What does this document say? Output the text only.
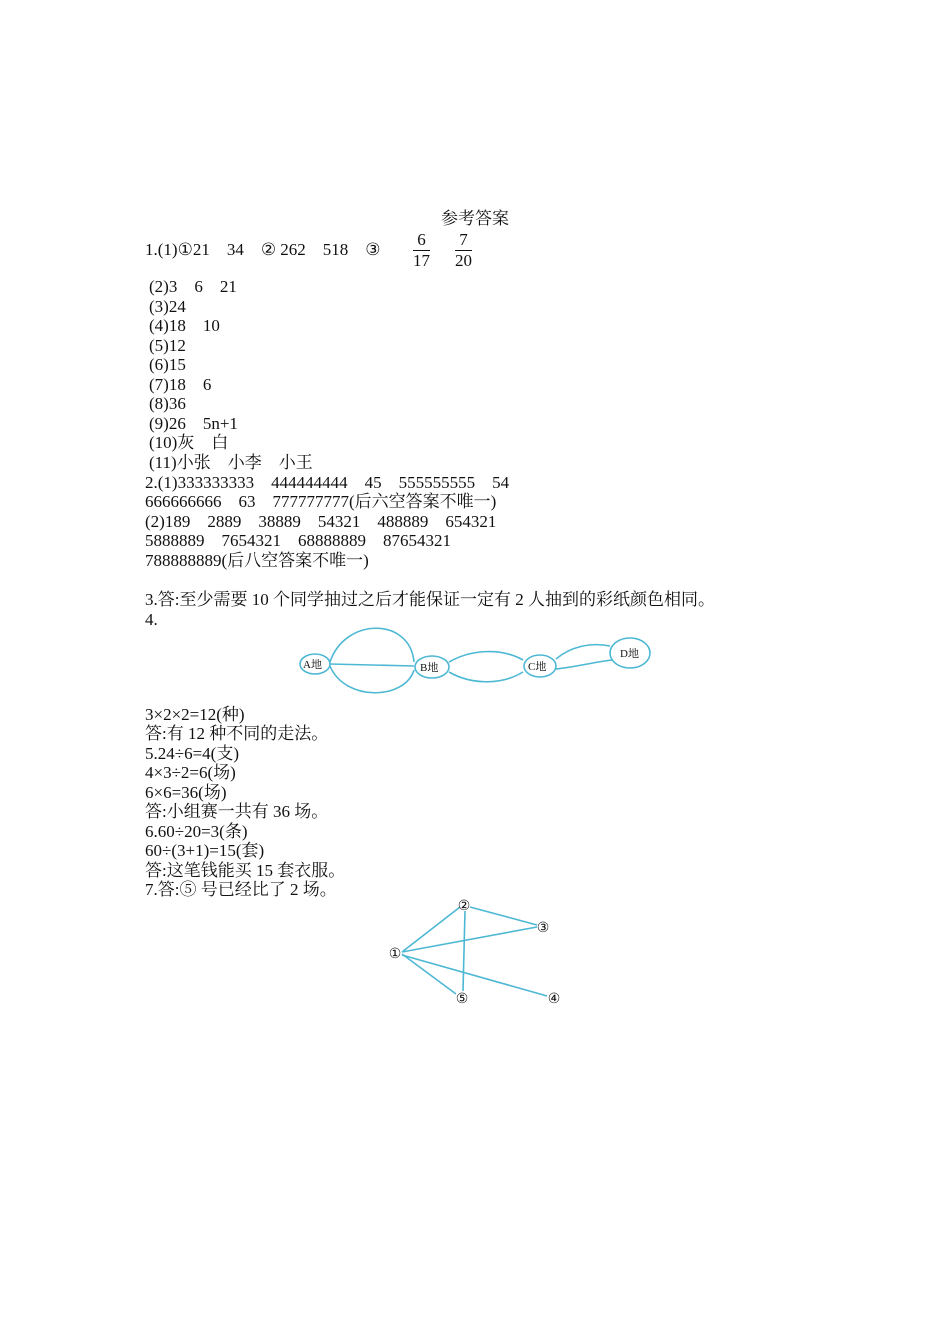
参考答案
1.(1)①21    34    ② 262    518    ③ $\frac{6}{17} \frac{7}{20}$
(2)3    6    21
(3)24
(4)18    10
(5)12
(6)15
(7)18    6
(8)36
(9)26    5n+1
(10)灰    白
(11)小张    小李    小王
2.(1)333333333    444444444    45    555555555    54
666666666    63    777777777(后六空答案不唯一)
(2)189    2889    38889    54321    488889    654321
5888889    7654321    68888889    87654321
788888889(后八空答案不唯一)
3.答:至少需要 10 个同学抽过之后才能保证一定有 2 人抽到的彩纸颜色相同。
4.
A地	B地	C地
D地
3×2×2=12(种)
答:有 12 种不同的走法。
5.24÷6=4(支)
4×3÷2=6(场)
6×6=36(场)
答:小组赛一共有 36 场。
6.60÷20=3(条)
60÷(3+1)=15(套)
答:这笔钱能买 15 套衣服。
7.答:⑤ 号已经比了 2 场。
①
②
③
④
⑤
